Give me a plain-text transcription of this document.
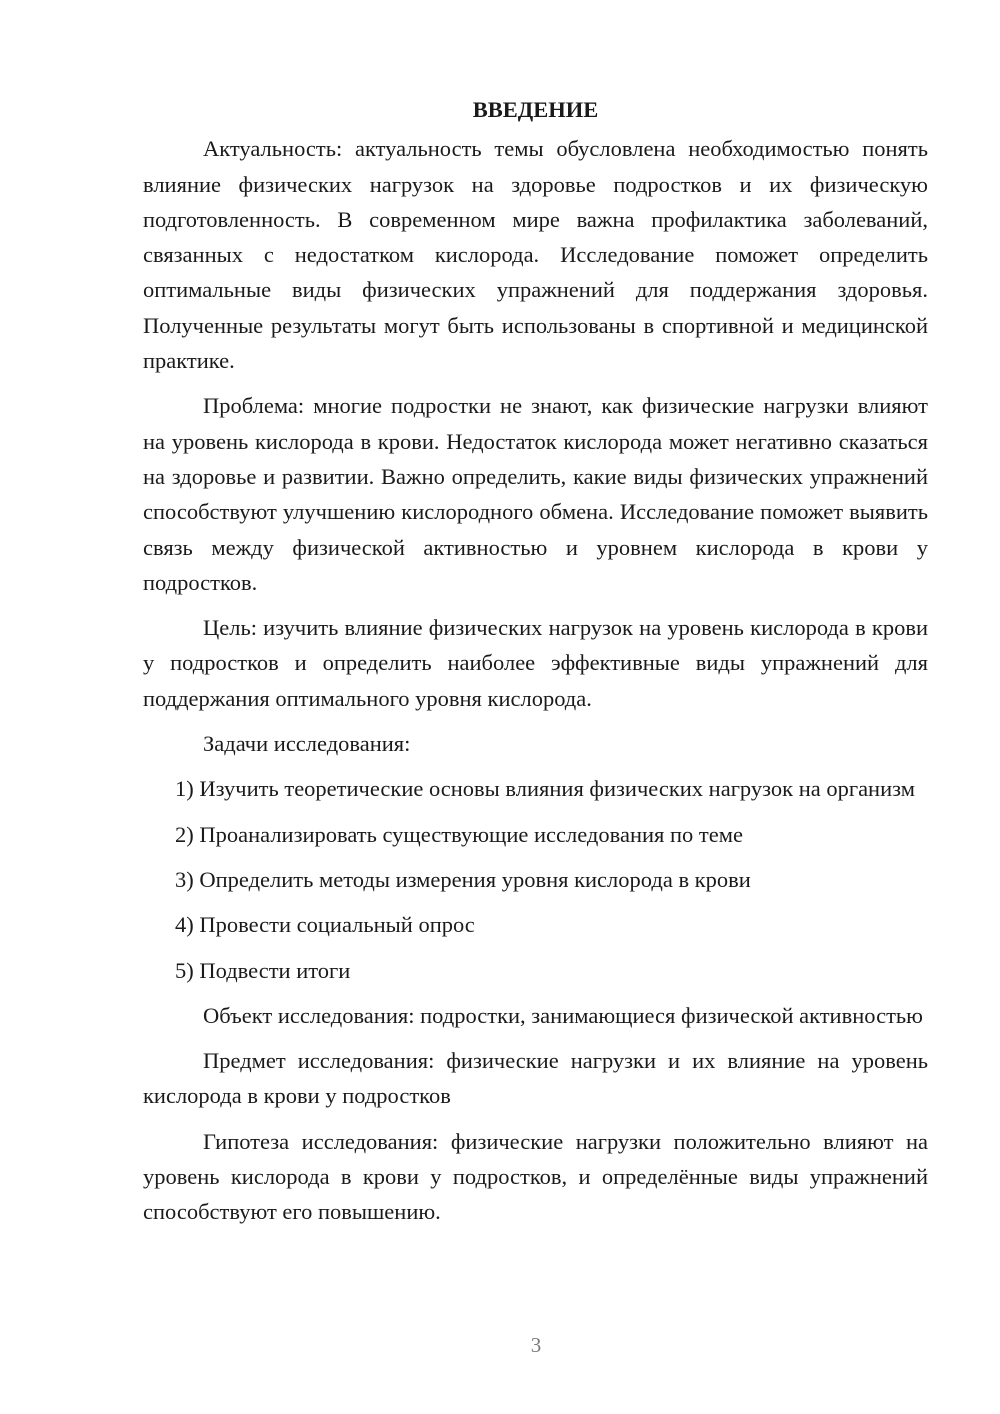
ВВЕДЕНИЕ

Актуальность: актуальность темы обусловлена необходимостью понять влияние физических нагрузок на здоровье подростков и их физическую подготовленность. В современном мире важна профилактика заболеваний, связанных с недостатком кислорода. Исследование поможет определить оптимальные виды физических упражнений для поддержания здоровья. Полученные результаты могут быть использованы в спортивной и медицинской практике.

Проблема: многие подростки не знают, как физические нагрузки влияют на уровень кислорода в крови. Недостаток кислорода может негативно сказаться на здоровье и развитии. Важно определить, какие виды физических упражнений способствуют улучшению кислородного обмена. Исследование поможет выявить связь между физической активностью и уровнем кислорода в крови у подростков.

Цель: изучить влияние физических нагрузок на уровень кислорода в крови у подростков и определить наиболее эффективные виды упражнений для поддержания оптимального уровня кислорода.

Задачи исследования:

1) Изучить теоретические основы влияния физических нагрузок на организм

2) Проанализировать существующие исследования по теме

3) Определить методы измерения уровня кислорода в крови

4) Провести социальный опрос

5) Подвести итоги

Объект исследования: подростки, занимающиеся физической активностью

Предмет исследования: физические нагрузки и их влияние на уровень кислорода в крови у подростков

Гипотеза исследования: физические нагрузки положительно влияют на уровень кислорода в крови у подростков, и определённые виды упражнений способствуют его повышению.

3
